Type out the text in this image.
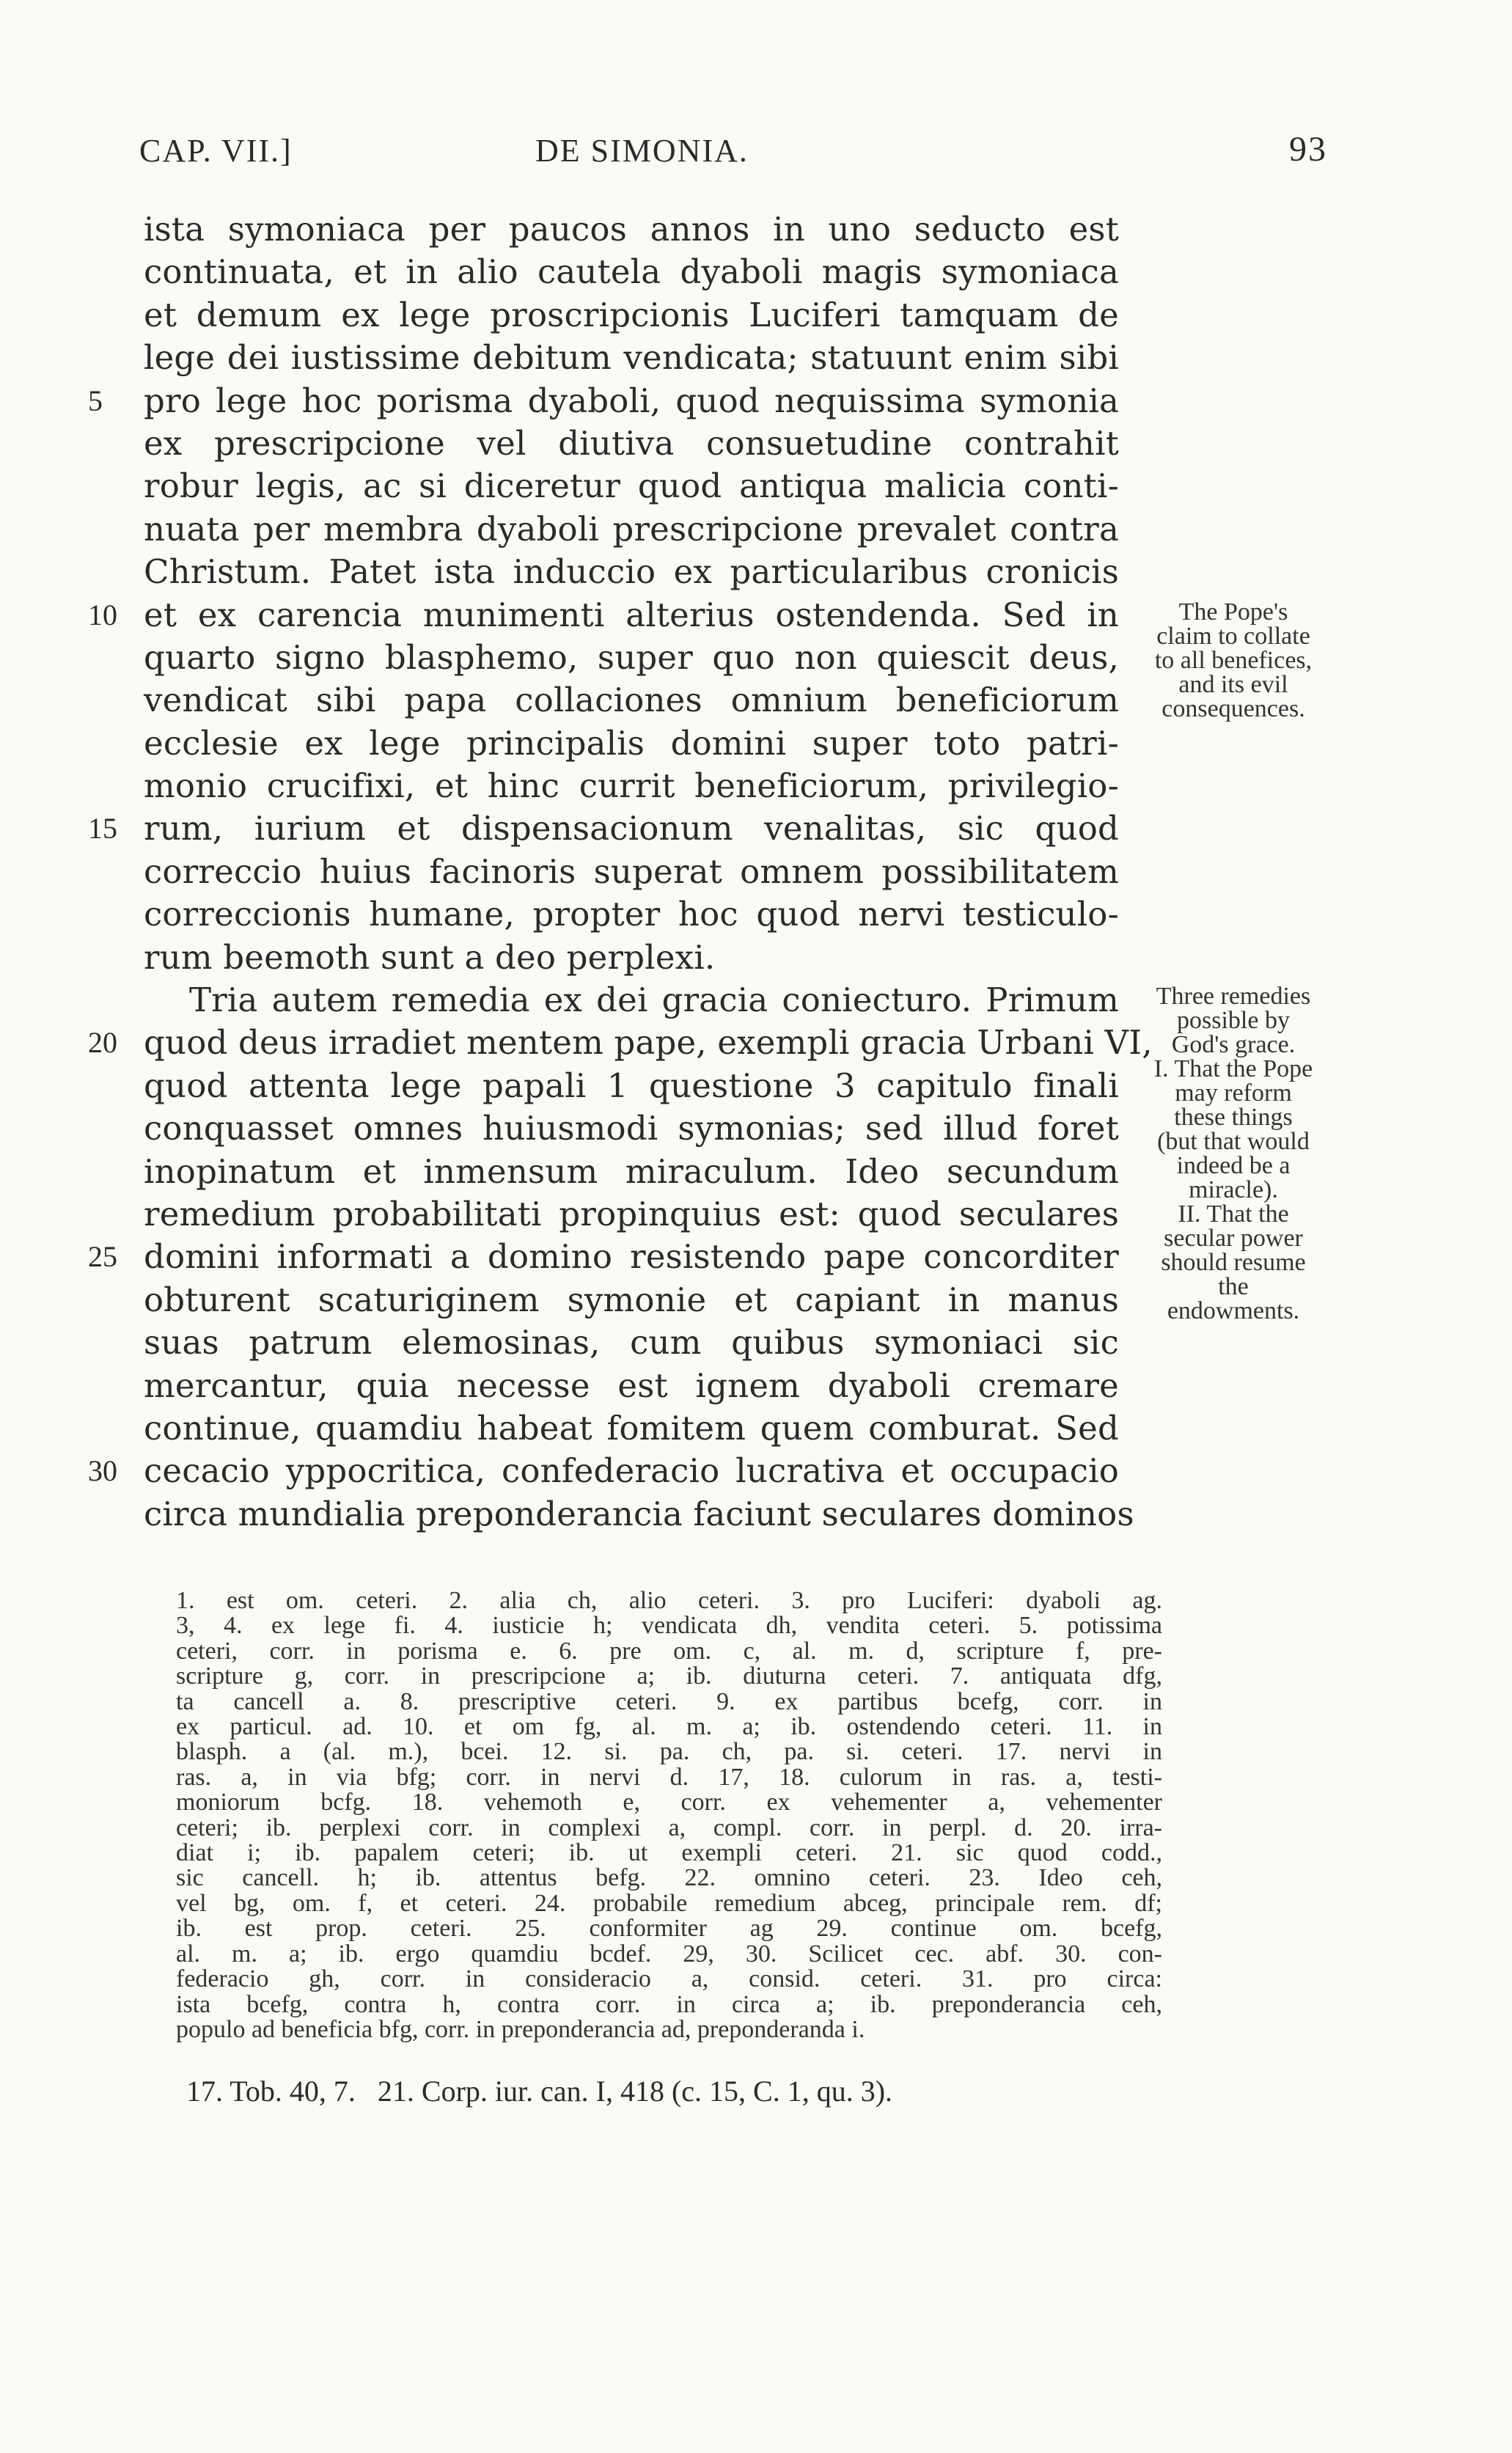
CAP. VII.]	DE SIMONIA.	93
ista symoniaca per paucos annos in uno seducto est
continuata, et in alio cautela dyaboli magis symoniaca
et demum ex lege proscripcionis Luciferi tamquam de
lege dei iustissime debitum vendicata; statuunt enim sibi
5	pro lege hoc porisma dyaboli, quod nequissima symonia
ex prescripcione vel diutiva consuetudine contrahit
robur legis, ac si diceretur quod antiqua malicia conti-
nuata per membra dyaboli prescripcione prevalet contra
Christum. Patet ista induccio ex particularibus cronicis
10 et ex carencia munimenti alterius ostendenda. Sed in
quarto signo blasphemo, super quo non quiescit deus,
vendicat sibi papa collaciones omnium beneficiorum
ecclesie ex lege principalis domini super toto patri-
monio crucifixi, et hinc currit beneficiorum, privilegio-
15 rum, iurium et dispensacionum venalitas, sic quod
correccio huius facinoris superat omnem possibilitatem
correccionis humane, propter hoc quod nervi testiculo-
rum beemoth sunt a deo perplexi.
Tria autem remedia ex dei gracia coniecturo. Primum
20 quod deus irradiet mentem pape, exempli gracia Urbani VI,
quod attenta lege papali 1 questione 3 capitulo finali
conquasset omnes huiusmodi symonias; sed illud foret
inopinatum et inmensum miraculum. Ideo secundum
remedium probabilitati propinquius est: quod seculares
25 domini informati a domino resistendo pape concorditer
obturent scaturiginem symonie et capiant in manus
suas patrum elemosinas, cum quibus symoniaci sic
mercantur, quia necesse est ignem dyaboli cremare
continue, quamdiu habeat fomitem quem comburat. Sed
30 cecacio yppocritica, confederacio lucrativa et occupacio
circa mundialia preponderancia faciunt seculares dominos
The Pope's
claim to collate
to all benefices,
and its evil
consequences.
Three remedies
possible by
God's grace.
I. That the Pope
may reform
these things
(but that would
indeed be a
miracle).
II. That the
secular power
should resume
the
endowments.
1. est om. ceteri. 2. alia ch, alio ceteri. 3. pro Luciferi: dyaboli ag.
3, 4. ex lege fi. 4. iusticie h; vendicata dh, vendita ceteri. 5. potissima
ceteri, corr. in porisma e. 6. pre om. c, al. m. d, scripture f, pre-
scripture g, corr. in prescripcione a; ib. diuturna ceteri. 7. antiquata dfg,
ta cancell a. 8. prescriptive ceteri. 9. ex partibus bcefg, corr. in
ex particul. ad. 10. et om fg, al. m. a; ib. ostendendo ceteri. 11. in
blasph. a (al. m.), bcei. 12. si. pa. ch, pa. si. ceteri. 17. nervi in
ras. a, in via bfg; corr. in nervi d. 17, 18. culorum in ras. a, testi-
moniorum bcfg. 18. vehemoth e, corr. ex vehementer a, vehementer
ceteri; ib. perplexi corr. in complexi a, compl. corr. in perpl. d. 20. irra-
diat i; ib. papalem ceteri; ib. ut exempli ceteri. 21. sic quod codd.,
sic cancell. h; ib. attentus befg. 22. omnino ceteri. 23. Ideo ceh,
vel bg, om. f, et ceteri. 24. probabile remedium abceg, principale rem. df;
ib. est prop. ceteri. 25. conformiter ag 29. continue om. bcefg,
al. m. a; ib. ergo quamdiu bcdef. 29, 30. Scilicet cec. abf. 30. con-
federacio gh, corr. in consideracio a, consid. ceteri. 31. pro circa:
ista bcefg, contra h, contra corr. in circa a; ib. preponderancia ceh,
populo ad beneficia bfg, corr. in preponderancia ad, preponderanda i.
17. Tob. 40, 7.   21. Corp. iur. can. I, 418 (c. 15, C. 1, qu. 3).
